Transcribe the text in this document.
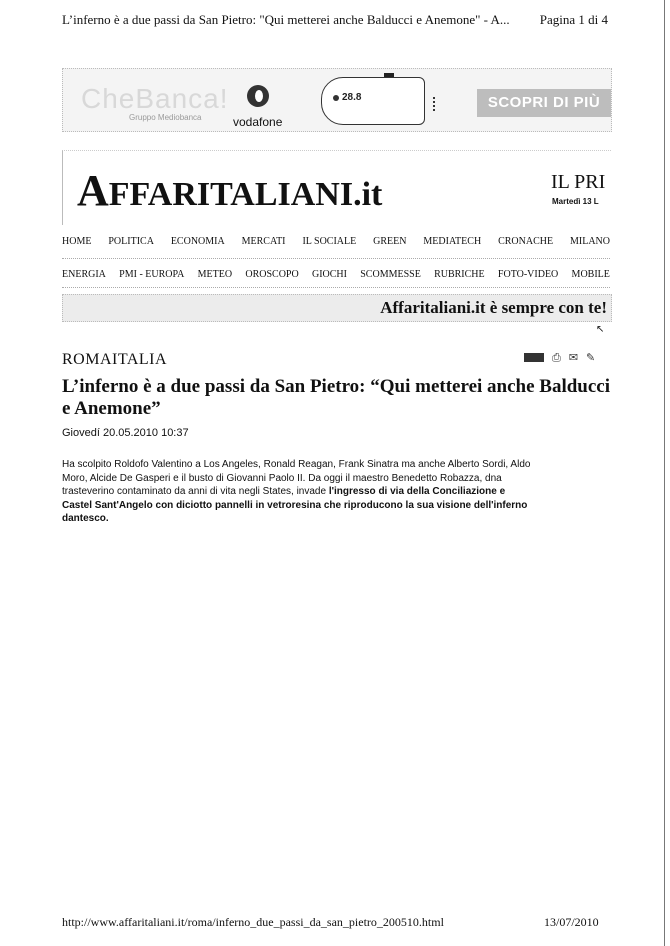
L’inferno è a due passi da San Pietro: "Qui metterei anche Balducci e Anemone" - A... Pagina 1 di 4
CheBanca!
Gruppo Mediobanca	vodafone
28.8	SCOPRI DI PIÙ
AFFARITALIANI.it	IL PRI
Martedì 13 L
HOME POLITICA ECONOMIA MERCATI IL SOCIALE GREEN MEDIATECH CRONACHE MILANO
ENERGIA PMI - EUROPA METEO OROSCOPO GIOCHI SCOMMESSE RUBRICHE FOTO-VIDEO MOBILE
Affaritaliani.it è sempre con te!
↖
ROMAITALIA	⎙ ✉ ✎
L’inferno è a due passi da San Pietro: “Qui metterei anche Balducci e Anemone”
Giovedí 20.05.2010 10:37
Ha scolpito Roldofo Valentino a Los Angeles, Ronald Reagan, Frank Sinatra ma anche Alberto Sordi, Aldo
Moro, Alcide De Gasperi e il busto di Giovanni Paolo II. Da oggi il maestro Benedetto Robazza, dna
trasteverino contaminato da anni di vita negli States, invade l'ingresso di via della Conciliazione e
Castel Sant'Angelo con diciotto pannelli in vetroresina che riproducono la sua visione dell'inferno
dantesco.
http://www.affaritaliani.it/roma/inferno_due_passi_da_san_pietro_200510.html	13/07/2010
